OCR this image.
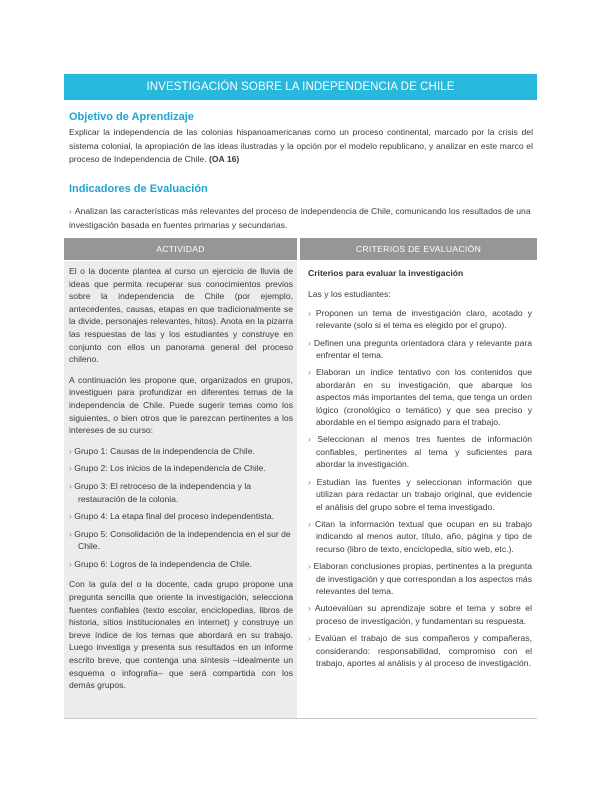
INVESTIGACIÓN SOBRE LA INDEPENDENCIA DE CHILE
Objetivo de Aprendizaje
Explicar la independencia de las colonias hispanoamericanas como un proceso continental, marcado por la crisis del sistema colonial, la apropiación de las ideas ilustradas y la opción por el modelo republicano, y analizar en este marco el proceso de Independencia de Chile. (OA 16)
Indicadores de Evaluación
› Analizan las características más relevantes del proceso de independencia de Chile, comunicando los resultados de una investigación basada en fuentes primarias y secundarias.
ACTIVIDAD	CRITERIOS DE EVALUACIÓN

El o la docente plantea al curso un ejercicio de lluvia de ideas que permita recuperar sus conocimientos previos sobre la independencia de Chile (por ejemplo, antecedentes, causas, etapas en que tradicionalmente se la divide, personajes relevantes, hitos). Anota en la pizarra las respuestas de las y los estudiantes y construye en conjunto con ellos un panorama general del proceso chileno.

A continuación les propone que, organizados en grupos, investiguen para profundizar en diferentes temas de la independencia de Chile. Puede sugerir temas como los siguientes, o bien otros que le parezcan pertinentes a los intereses de su curso:

› Grupo 1: Causas de la independencia de Chile.
› Grupo 2: Los inicios de la independencia de Chile.
› Grupo 3: El retroceso de la independencia y la restauración de la colonia.
› Grupo 4: La etapa final del proceso independentista.
› Grupo 5: Consolidación de la independencia en el sur de Chile.
› Grupo 6: Logros de la independencia de Chile.

Con la guía del o la docente, cada grupo propone una pregunta sencilla que oriente la investigación, selecciona fuentes confiables (texto escolar, enciclopedias, libros de historia, sitios institucionales en internet) y construye un breve índice de los temas que abordará en su trabajo. Luego investiga y presenta sus resultados en un informe escrito breve, que contenga una síntesis –idealmente un esquema o infografía– que será compartida con los demás grupos.

Criterios para evaluar la investigación
Las y los estudiantes:
› Proponen un tema de investigación claro, acotado y relevante (solo si el tema es elegido por el grupo).
› Definen una pregunta orientadora clara y relevante para enfrentar el tema.
› Elaboran un índice tentativo con los contenidos que abordarán en su investigación, que abarque los aspectos más importantes del tema, que tenga un orden lógico (cronológico o temático) y que sea preciso y abordable en el tiempo asignado para el trabajo.
› Seleccionan al menos tres fuentes de información confiables, pertinentes al tema y suficientes para abordar la investigación.
› Estudian las fuentes y seleccionan información que utilizan para redactar un trabajo original, que evidencie el análisis del grupo sobre el tema investigado.
› Citan la información textual que ocupan en su trabajo indicando al menos autor, título, año, página y tipo de recurso (libro de texto, enciclopedia, sitio web, etc.).
› Elaboran conclusiones propias, pertinentes a la pregunta de investigación y que correspondan a los aspectos más relevantes del tema.
› Autoevalúan su aprendizaje sobre el tema y sobre el proceso de investigación, y fundamentan su respuesta.
› Evalúan el trabajo de sus compañeros y compañeras, considerando: responsabilidad, compromiso con el trabajo, aportes al análisis y al proceso de investigación.
